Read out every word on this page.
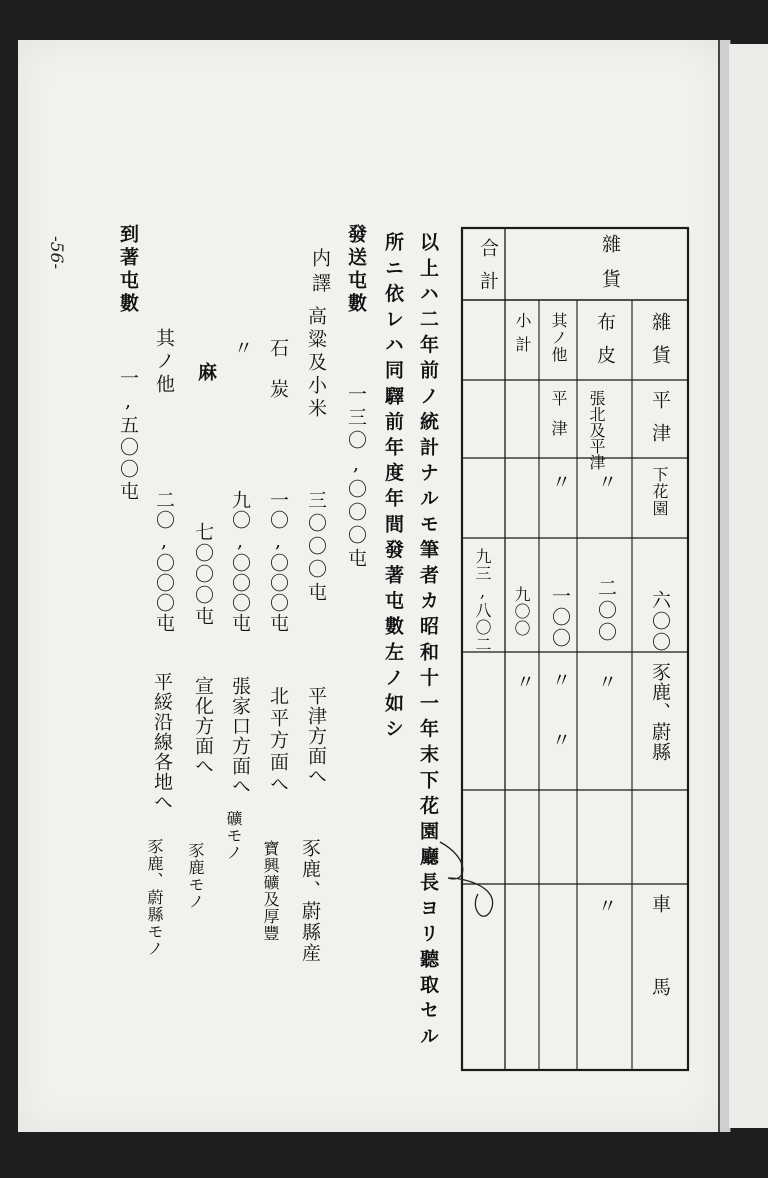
合計	雜貨
雜貨
平津
下花園
六〇〇
豕鹿、蔚縣
車馬
布皮
張北及平津
〃
二〇〇
〃
〃
其ノ他
平津
〃
一〇〇
〃
〃
小計
九〇〇
〃
九三,八〇二
以上ハ二年前ノ統計ナルモ筆者カ昭和十一年末下花園廳長ヨリ聽取セル
所ニ依レハ同驛前年度年間發著屯數左ノ如シ
發送屯數
一三〇,〇〇〇屯
内譯
高粱及小米
三〇〇〇屯
平津方面へ
豕鹿、蔚縣産
石炭
一〇,〇〇〇屯
北平方面へ
寶興礦及厚豐
〃
九〇,〇〇〇屯
張家口方面へ
礦モノ
麻
七〇〇〇屯
宣化方面へ
豕鹿モノ
其ノ他
二〇,〇〇〇屯
平綏沿線各地へ
豕鹿、蔚縣モノ
到著屯數
一,五〇〇屯
-56-
